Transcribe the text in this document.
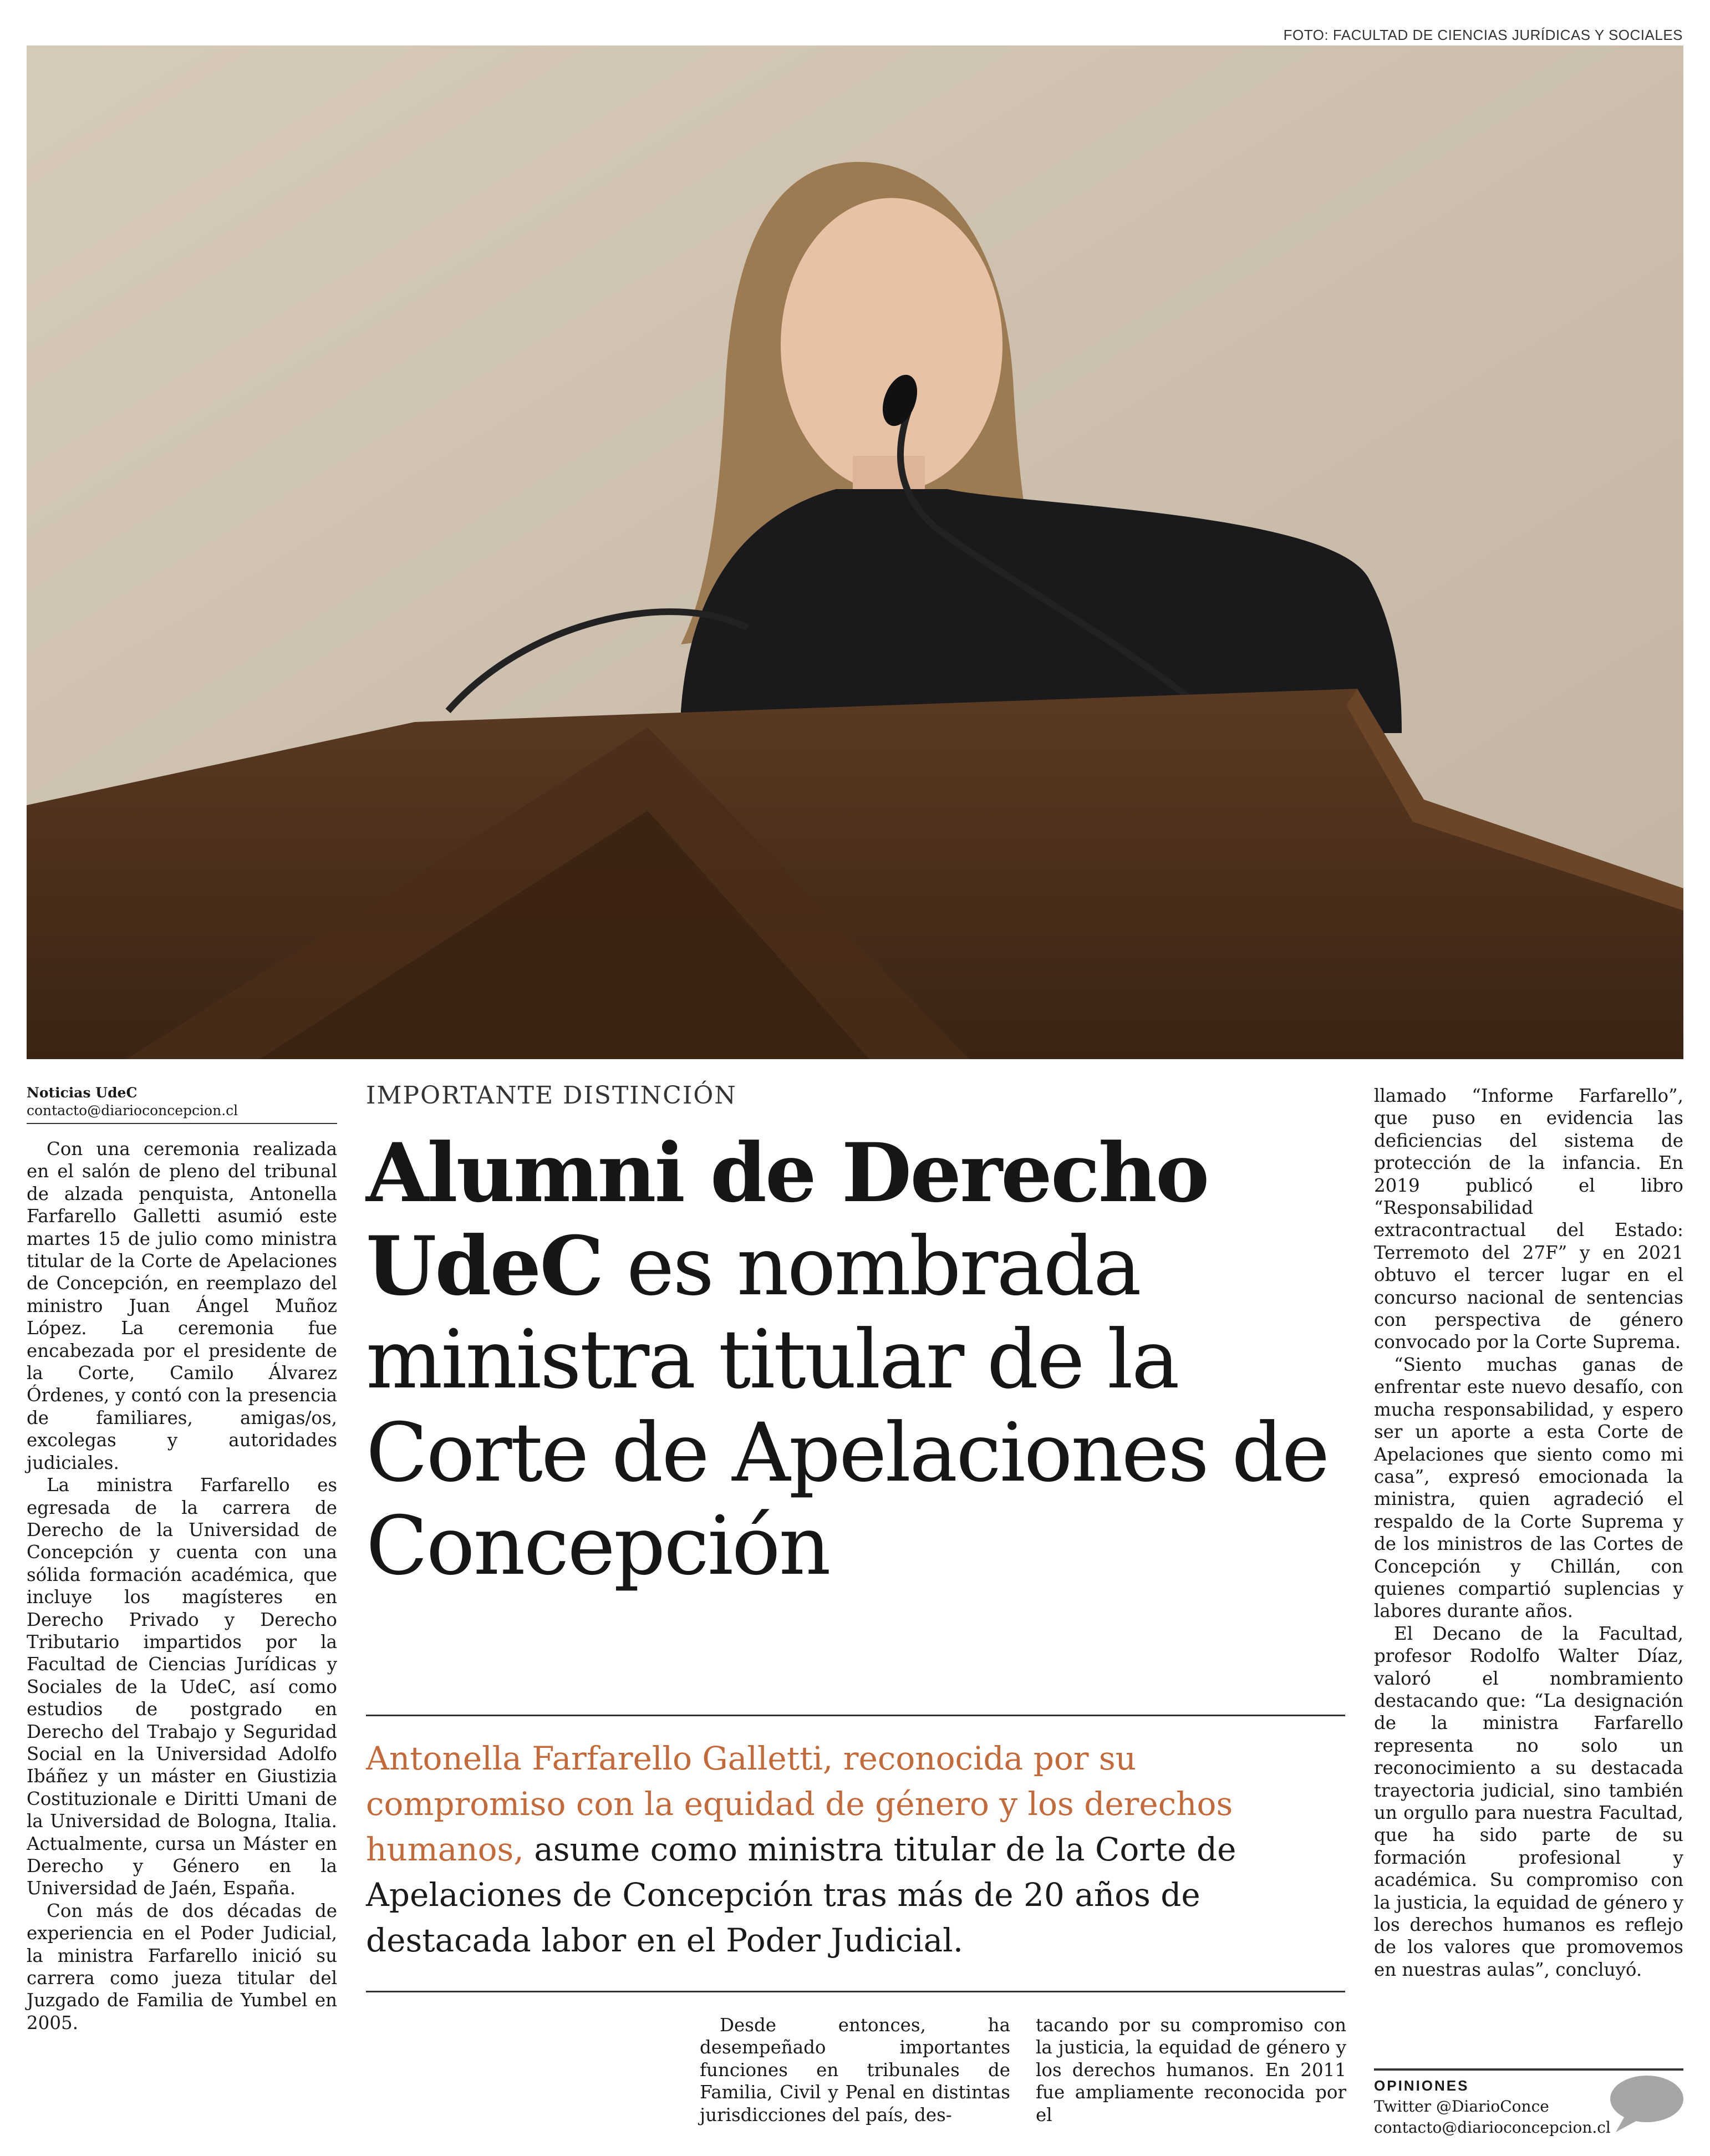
FOTO: FACULTAD DE CIENCIAS JURÍDICAS Y SOCIALES
Noticias UdeC
contacto@diarioconcepcion.cl
IMPORTANTE DISTINCIÓN
Alumni de Derecho UdeC es nombrada ministra titular de la Corte de Apelaciones de Concepción
Antonella Farfarello Galletti, reconocida por su compromiso con la equidad de género y los derechos humanos, asume como ministra titular de la Corte de Apelaciones de Concepción tras más de 20 años de destacada labor en el Poder Judicial.

Con una ceremonia realizada en el salón de pleno del tribunal de alzada penquista, Antonella Farfarello Galletti asumió este martes 15 de julio como ministra titular de la Corte de Apelaciones de Concepción, en reemplazo del ministro Juan Ángel Muñoz López. La ceremonia fue encabezada por el presidente de la Corte, Camilo Álvarez Órdenes, y contó con la presencia de familiares, amigas/os, excolegas y autoridades judiciales.

La ministra Farfarello es egresada de la carrera de Derecho de la Universidad de Concepción y cuenta con una sólida formación académica, que incluye los magísteres en Derecho Privado y Derecho Tributario impartidos por la Facultad de Ciencias Jurídicas y Sociales de la UdeC, así como estudios de postgrado en Derecho del Trabajo y Seguridad Social en la Universidad Adolfo Ibáñez y un máster en Giustizia Costituzionale e Diritti Umani de la Universidad de Bologna, Italia. Actualmente, cursa un Máster en Derecho y Género en la Universidad de Jaén, España.

Con más de dos décadas de experiencia en el Poder Judicial, la ministra Farfarello inició su carrera como jueza titular del Juzgado de Familia de Yumbel en 2005.	Desde entonces, ha desempeñado importantes funciones en tribunales de Familia, Civil y Penal en distintas jurisdicciones del país, des-

tacando por su compromiso con la justicia, la equidad de género y los derechos humanos. En 2011 fue ampliamente reconocida por el

llamado “Informe Farfarello”, que puso en evidencia las deficiencias del sistema de protección de la infancia. En 2019 publicó el libro “Responsabilidad extracontractual del Estado: Terremoto del 27F” y en 2021 obtuvo el tercer lugar en el concurso nacional de sentencias con perspectiva de género convocado por la Corte Suprema.

“Siento muchas ganas de enfrentar este nuevo desafío, con mucha responsabilidad, y espero ser un aporte a esta Corte de Apelaciones que siento como mi casa”, expresó emocionada la ministra, quien agradeció el respaldo de la Corte Suprema y de los ministros de las Cortes de Concepción y Chillán, con quienes compartió suplencias y labores durante años.

El Decano de la Facultad, profesor Rodolfo Walter Díaz, valoró el nombramiento destacando que: “La designación de la ministra Farfarello representa no solo un reconocimiento a su destacada trayectoria judicial, sino también un orgullo para nuestra Facultad, que ha sido parte de su formación profesional y académica. Su compromiso con la justicia, la equidad de género y los derechos humanos es reflejo de los valores que promovemos en nuestras aulas”, concluyó.

OPINIONES
Twitter @DiarioConce
contacto@diarioconcepcion.cl
